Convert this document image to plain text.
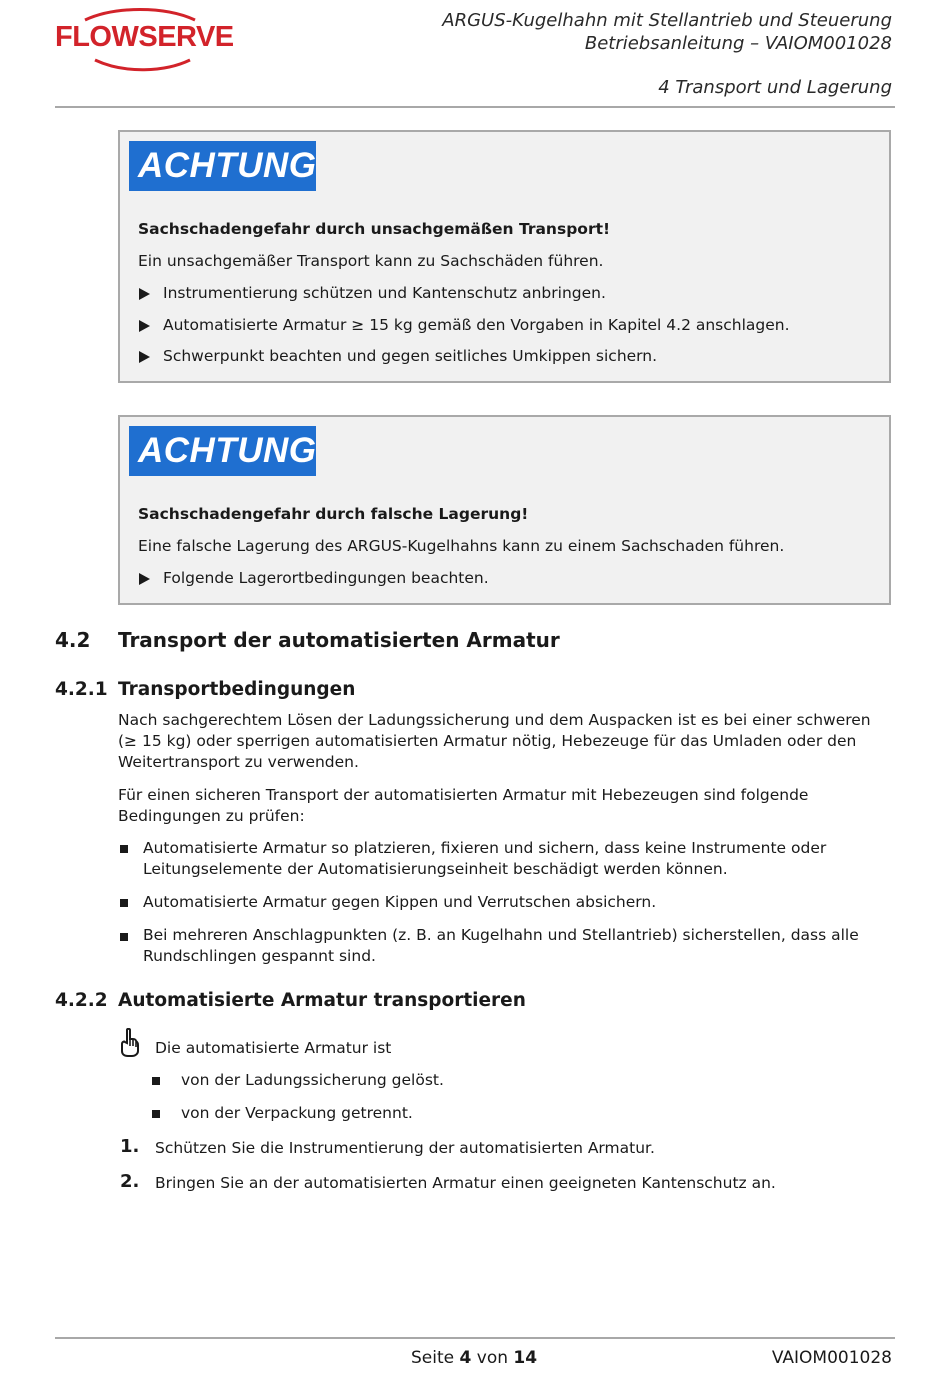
FLOWSERVE
ARGUS-Kugelhahn mit Stellantrieb und Steuerung
Betriebsanleitung – VAIOM001028
4 Transport und Lagerung
ACHTUNG
Sachschadengefahr durch unsachgemäßen Transport!
Ein unsachgemäßer Transport kann zu Sachschäden führen.
Instrumentierung schützen und Kantenschutz anbringen.
Automatisierte Armatur ≥ 15 kg gemäß den Vorgaben in Kapitel 4.2 anschlagen.
Schwerpunkt beachten und gegen seitliches Umkippen sichern.
ACHTUNG
Sachschadengefahr durch falsche Lagerung!
Eine falsche Lagerung des ARGUS-Kugelhahns kann zu einem Sachschaden führen.
Folgende Lagerortbedingungen beachten.
4.2 Transport der automatisierten Armatur
4.2.1 Transportbedingungen
Nach sachgerechtem Lösen der Ladungssicherung und dem Auspacken ist es bei einer schweren (≥ 15 kg) oder sperrigen automatisierten Armatur nötig, Hebezeuge für das Umladen oder den Weitertransport zu verwenden.
Für einen sicheren Transport der automatisierten Armatur mit Hebezeugen sind folgende Bedingungen zu prüfen:
Automatisierte Armatur so platzieren, fixieren und sichern, dass keine Instrumente oder Leitungselemente der Automatisierungseinheit beschädigt werden können.
Automatisierte Armatur gegen Kippen und Verrutschen absichern.
Bei mehreren Anschlagpunkten (z. B. an Kugelhahn und Stellantrieb) sicherstellen, dass alle Rundschlingen gespannt sind.
4.2.2 Automatisierte Armatur transportieren
Die automatisierte Armatur ist
von der Ladungssicherung gelöst.
von der Verpackung getrennt.
1. Schützen Sie die Instrumentierung der automatisierten Armatur.
2. Bringen Sie an der automatisierten Armatur einen geeigneten Kantenschutz an.
Seite 4 von 14	VAIOM001028
